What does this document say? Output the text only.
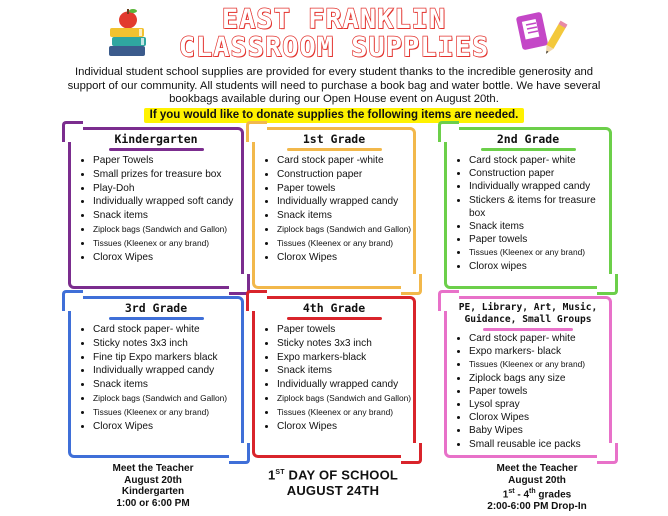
EAST FRANKLIN
CLASSROOM SUPPLIES
Individual student school supplies are provided for every student thanks to the incredible generosity and support of our community. All students will need to purchase a book bag and water bottle. We have several bookbags available during our Open House event on August 20th.
If you would like to donate supplies the following items are needed.
Kindergarten
• Paper Towels
• Small prizes for treasure box
• Play-Doh
• Individually wrapped soft candy
• Snack items
• Ziplock bags (Sandwich and Gallon)
• Tissues (Kleenex or any brand)
• Clorox Wipes
1st Grade
• Card stock paper -white
• Construction paper
• Paper towels
• Individually wrapped candy
• Snack items
• Ziplock bags (Sandwich and Gallon)
• Tissues (Kleenex or any brand)
• Clorox Wipes
2nd Grade
• Card stock paper- white
• Construction paper
• Individually wrapped candy
• Stickers & items for treasure box
• Snack items
• Paper towels
• Tissues (Kleenex or any brand)
• Clorox wipes
3rd Grade
• Card stock paper- white
• Sticky notes 3x3 inch
• Fine tip Expo markers black
• Individually wrapped candy
• Snack items
• Ziplock bags (Sandwich and Gallon)
• Tissues (Kleenex or any brand)
• Clorox Wipes
4th Grade
• Paper towels
• Sticky notes 3x3 inch
• Expo markers-black
• Snack items
• Individually wrapped candy
• Ziplock bags (Sandwich and Gallon)
• Tissues (Kleenex or any brand)
• Clorox Wipes
PE, Library, Art, Music, Guidance, Small Groups
• Card stock paper- white
• Expo markers- black
• Tissues (Kleenex or any brand)
• Ziplock bags any size
• Paper towels
• Lysol spray
• Clorox Wipes
• Baby Wipes
• Small reusable ice packs
Meet the Teacher
August 20th
Kindergarten
1:00 or 6:00 PM
1ST DAY OF SCHOOL
AUGUST 24TH
Meet the Teacher
August 20th
1st - 4th grades
2:00-6:00 PM Drop-In
